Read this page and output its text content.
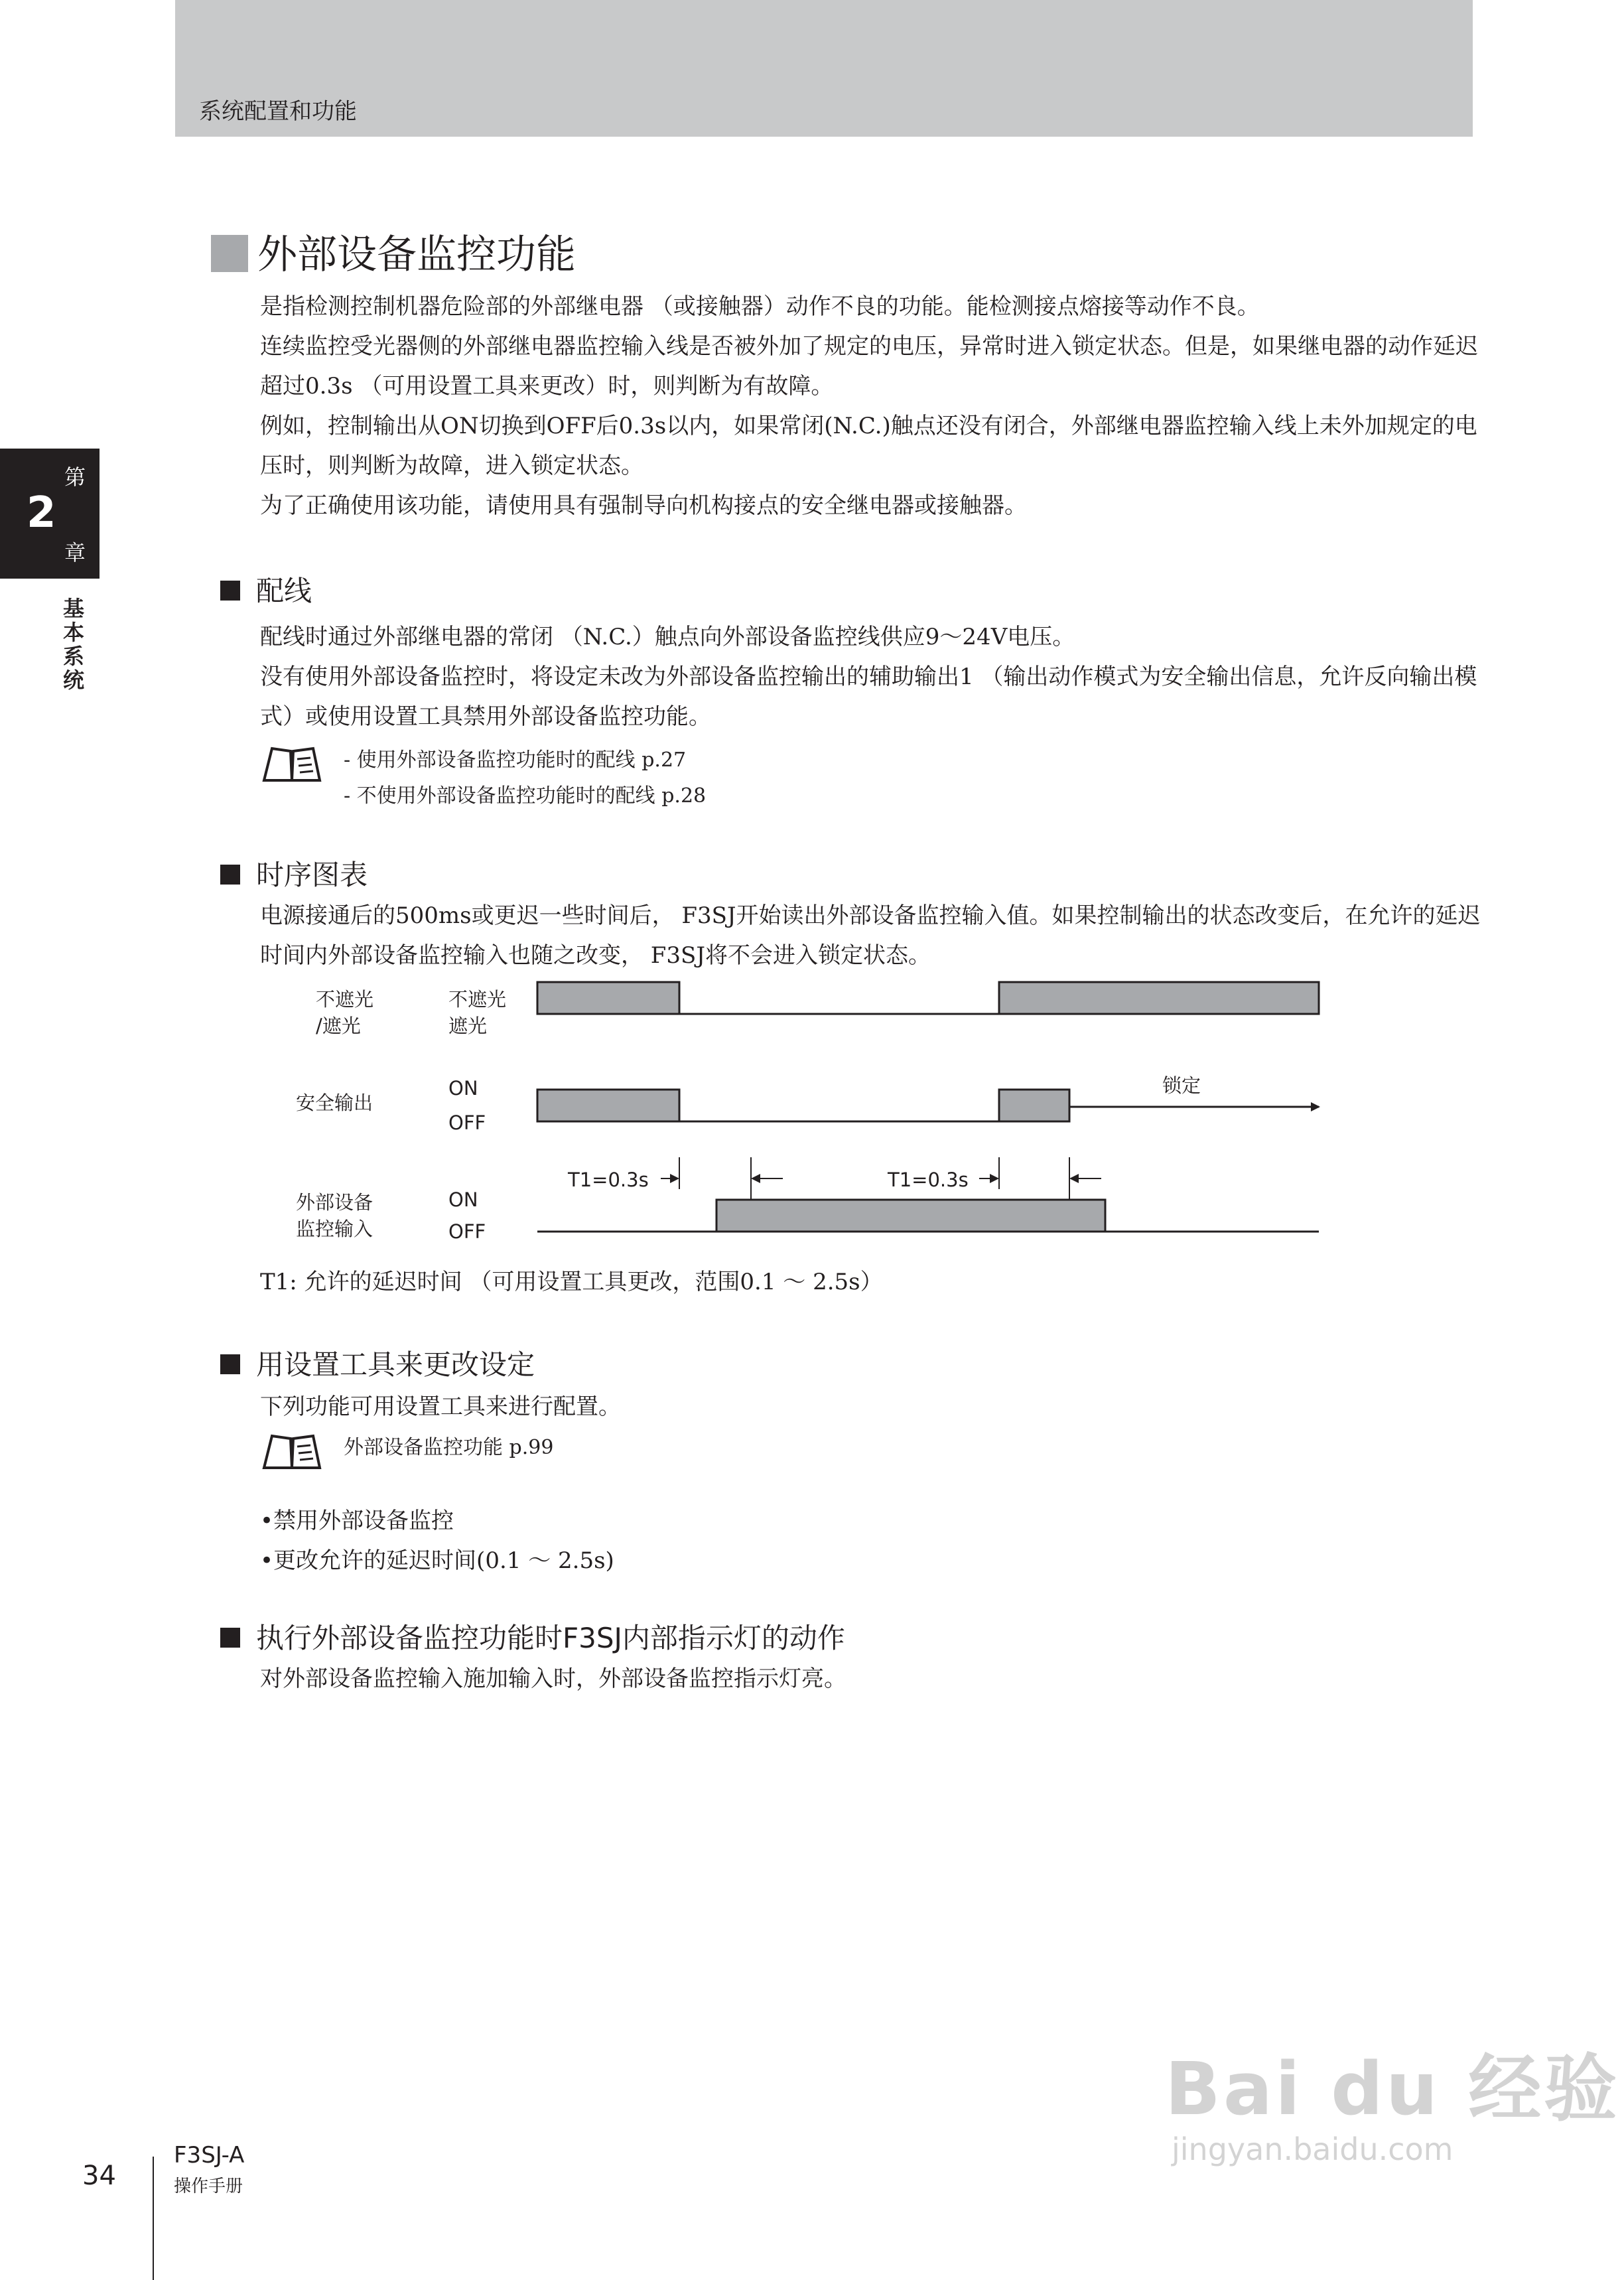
系统配置和功能
第
2
章
基本系统
外部设备监控功能

是指检测控制机器危险部的外部继电器 （或接触器）动作不良的功能。能检测接点熔接等动作不良。

连续监控受光器侧的外部继电器监控输入线是否被外加了规定的电压，异常时进入锁定状态。但是，如果继电器的动作延迟超过0.3s （可用设置工具来更改）时，则判断为有故障。

例如，控制输出从ON切换到OFF后0.3s以内，如果常闭(N.C.)触点还没有闭合，外部继电器监控输入线上未外加规定的电压时，则判断为故障，进入锁定状态。

为了正确使用该功能，请使用具有强制导向机构接点的安全继电器或接触器。

配线

配线时通过外部继电器的常闭 （N.C.）触点向外部设备监控线供应9～24V电压。

没有使用外部设备监控时，将设定未改为外部设备监控输出的辅助输出1 （输出动作模式为安全输出信息，允许反向输出模式）或使用设置工具禁用外部设备监控功能。

- 使用外部设备监控功能时的配线 p.27
- 不使用外部设备监控功能时的配线 p.28
时序图表

电源接通后的500ms或更迟一些时间后， F3SJ开始读出外部设备监控输入值。如果控制输出的状态改变后，在允许的延迟时间内外部设备监控输入也随之改变， F3SJ将不会进入锁定状态。

不遮光
/遮光
不遮光
遮光
安全输出
ON
OFF
锁定
T1=0.3s	T1=0.3s
外部设备
监控输入
ON
OFF
T1: 允许的延迟时间 （可用设置工具更改，范围0.1 ～ 2.5s）
用设置工具来更改设定

下列功能可用设置工具来进行配置。

外部设备监控功能 p.99
•禁用外部设备监控
•更改允许的延迟时间(0.1 ～ 2.5s)
执行外部设备监控功能时F3SJ内部指示灯的动作

对外部设备监控输入施加输入时，外部设备监控指示灯亮。

34
F3SJ-A
操作手册
Bai du 经验
jingyan.baidu.com
